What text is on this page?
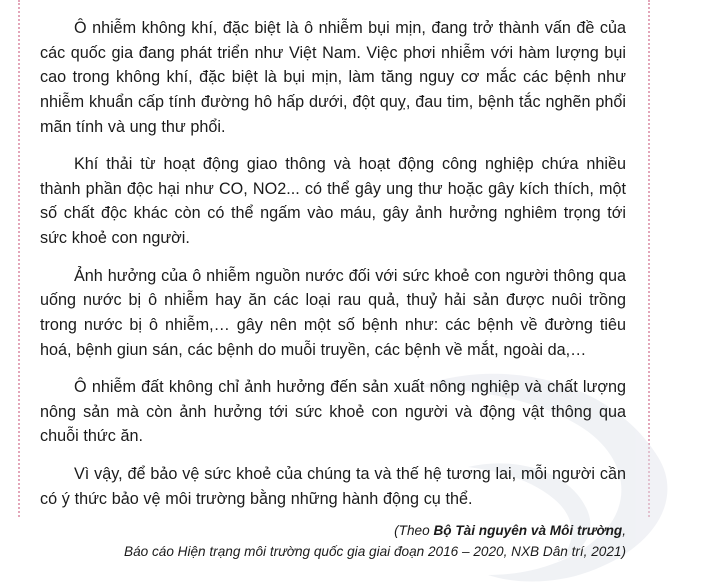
Ô nhiễm không khí, đặc biệt là ô nhiễm bụi mịn, đang trở thành vấn đề của các quốc gia đang phát triển như Việt Nam. Việc phơi nhiễm với hàm lượng bụi cao trong không khí, đặc biệt là bụi mịn, làm tăng nguy cơ mắc các bệnh như nhiễm khuẩn cấp tính đường hô hấp dưới, đột quỵ, đau tim, bệnh tắc nghẽn phổi mãn tính và ung thư phổi.

Khí thải từ hoạt động giao thông và hoạt động công nghiệp chứa nhiều thành phần độc hại như CO, NO2... có thể gây ung thư hoặc gây kích thích, một số chất độc khác còn có thể ngấm vào máu, gây ảnh hưởng nghiêm trọng tới sức khoẻ con người.

Ảnh hưởng của ô nhiễm nguồn nước đối với sức khoẻ con người thông qua uống nước bị ô nhiễm hay ăn các loại rau quả, thuỷ hải sản được nuôi trồng trong nước bị ô nhiễm,… gây nên một số bệnh như: các bệnh về đường tiêu hoá, bệnh giun sán, các bệnh do muỗi truyền, các bệnh về mắt, ngoài da,…

Ô nhiễm đất không chỉ ảnh hưởng đến sản xuất nông nghiệp và chất lượng nông sản mà còn ảnh hưởng tới sức khoẻ con người và động vật thông qua chuỗi thức ăn.

Vì vậy, để bảo vệ sức khoẻ của chúng ta và thế hệ tương lai, mỗi người cần có ý thức bảo vệ môi trường bằng những hành động cụ thể.

(Theo Bộ Tài nguyên và Môi trường,
Báo cáo Hiện trạng môi trường quốc gia giai đoạn 2016 – 2020, NXB Dân trí, 2021)
